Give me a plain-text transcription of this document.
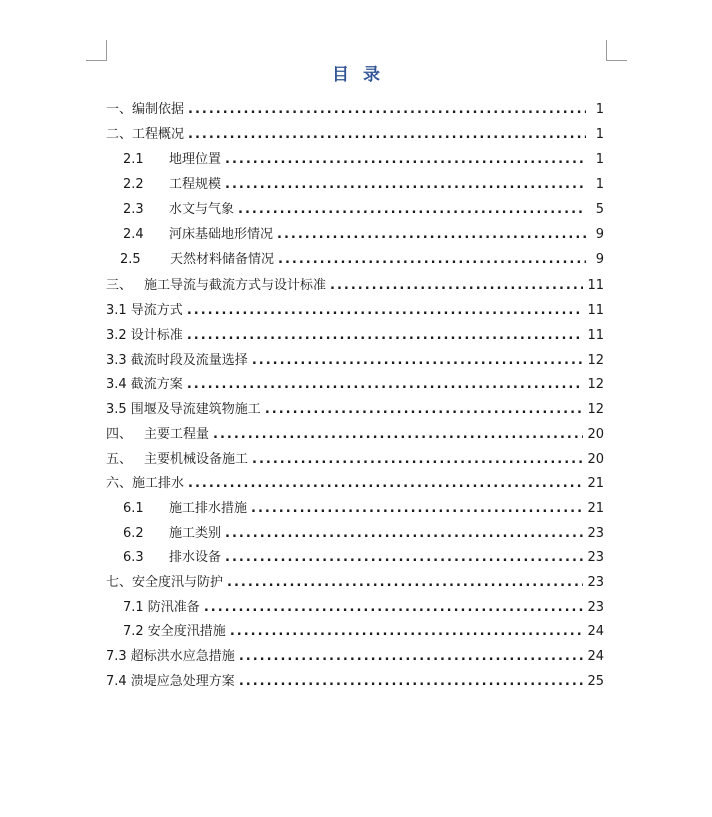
目录
一、编制依据 .....	1
二、工程概况 .....	1
2.1	地理位置 .....	1
2.2	工程规模 .....	1
2.3	水文与气象 .....	5
2.4	河床基础地形情况 .....	9
2.5	天然材料储备情况 .....	9
三、 施工导流与截流方式与设计标准 .....	11
3.1 导流方式 .....	11
3.2 设计标准 .....	11
3.3 截流时段及流量选择 .....	12
3.4 截流方案 .....	12
3.5 围堰及导流建筑物施工 .....	12
四、 主要工程量 .....	20
五、 主要机械设备施工 .....	20
六、施工排水 .....	21
6.1	施工排水措施 .....	21
6.2	施工类别 .....	23
6.3	排水设备 .....	23
七、安全度汛与防护 .....	23
7.1 防汛准备 .....	23
7.2 安全度汛措施 .....	24
7.3 超标洪水应急措施 .....	24
7.4 溃堤应急处理方案 .....	25
